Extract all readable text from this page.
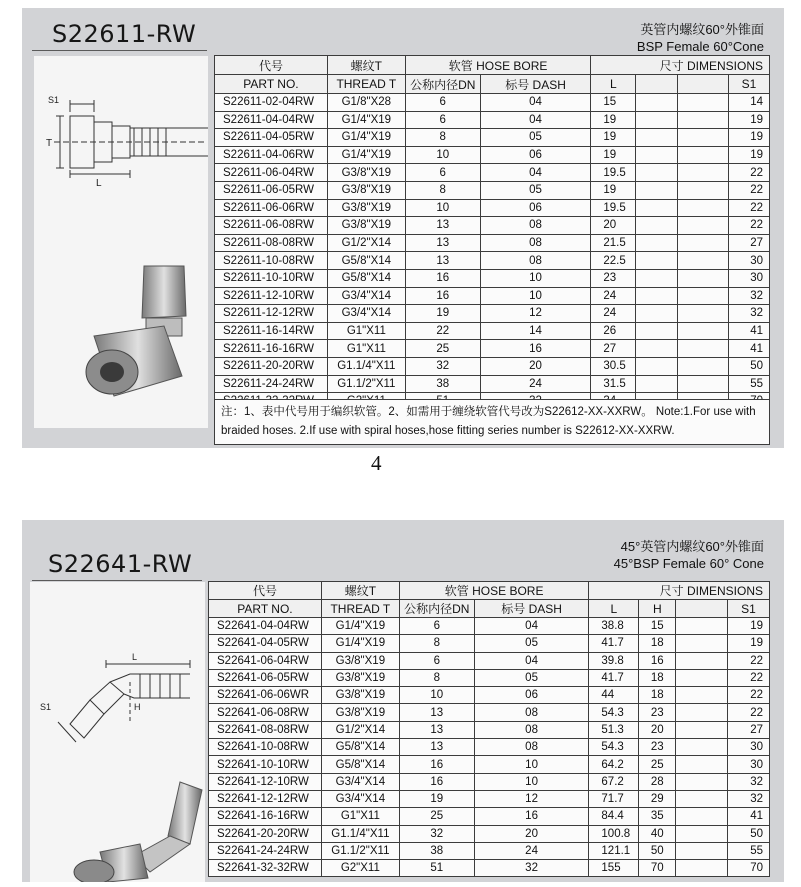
S22611-RW	英管内螺纹60°外锥面
BSP Female 60°Cone
S1
T
L
代号	螺纹T	软管 HOSE BORE		尺寸 DIMENSIONS			
PART NO.	THREAD T	公称内径DN	标号 DASH	L			S1
S22611-02-04RW	G1/8"X28	6	04	15			14
S22611-04-04RW	G1/4"X19	6	04	19			19
S22611-04-05RW	G1/4"X19	8	05	19			19
S22611-04-06RW	G1/4"X19	10	06	19			19
S22611-06-04RW	G3/8"X19	6	04	19.5			22
S22611-06-05RW	G3/8"X19	8	05	19			22
S22611-06-06RW	G3/8"X19	10	06	19.5			22
S22611-06-08RW	G3/8"X19	13	08	20			22
S22611-08-08RW	G1/2"X14	13	08	21.5			27
S22611-10-08RW	G5/8"X14	13	08	22.5			30
S22611-10-10RW	G5/8"X14	16	10	23			30
S22611-12-10RW	G3/4"X14	16	10	24			32
S22611-12-12RW	G3/4"X14	19	12	24			32
S22611-16-14RW	G1"X11	22	14	26			41
S22611-16-16RW	G1"X11	25	16	27			41
S22611-20-20RW	G1.1/4"X11	32	20	30.5			50
S22611-24-24RW	G1.1/2"X11	38	24	31.5			55

注：1、表中代号用于编织软管。2、如需用于缠绕软管代号改为S22612-XX-XXRW。 Note:1.For use with
braided hoses. 2.If use with spiral hoses,hose fitting series number is S22612-XX-XXRW.
4
S22641-RW
45°英管内螺纹60°外锥面
45°BSP Female 60° Cone
L
S1	H
代号	螺纹T	软管 HOSE BORE		尺寸 DIMENSIONS			
PART NO.	THREAD T	公称内径DN	标号 DASH	L	H		S1
S22641-04-04RW	G1/4"X19	6	04	38.8	15		19
S22641-04-05RW	G1/4"X19	8	05	41.7	18		19
S22641-06-04RW	G3/8"X19	6	04	39.8	16		22
S22641-06-05RW	G3/8"X19	8	05	41.7	18		22
S22641-06-06WR	G3/8"X19	10	06	44	18		22
S22641-06-08RW	G3/8"X19	13	08	54.3	23		22
S22641-08-08RW	G1/2"X14	13	08	51.3	20		27
S22641-10-08RW	G5/8"X14	13	08	54.3	23		30
S22641-10-10RW	G5/8"X14	16	10	64.2	25		30
S22641-12-10RW	G3/4"X14	16	10	67.2	28		32
S22641-12-12RW	G3/4"X14	19	12	71.7	29		32
S22641-16-16RW	G1"X11	25	16	84.4	35		41
S22641-20-20RW	G1.1/4"X11	32	20	100.8	40		50
S22641-24-24RW	G1.1/2"X11	38	24	121.1	50		55
S22641-32-32RW	G2"X11	51	32	155	70		70
